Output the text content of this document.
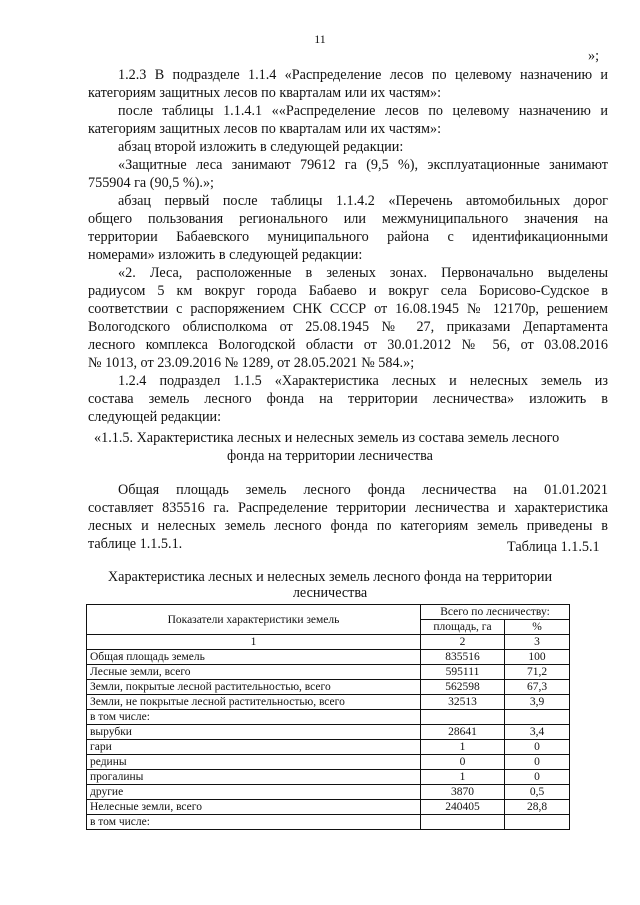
11
»;
1.2.3 В подразделе 1.1.4 «Распределение лесов по целевому назначению и
категориям защитных лесов по кварталам или их частям»:
после таблицы 1.1.4.1 ««Распределение лесов по целевому назначению и
категориям защитных лесов по кварталам или их частям»:
абзац второй изложить в следующей редакции:
«Защитные леса занимают 79612 га (9,5 %), эксплуатационные занимают
755904 га (90,5 %).»;
абзац первый после таблицы 1.1.4.2 «Перечень автомобильных дорог
общего пользования регионального или межмуниципального значения на
территории Бабаевского муниципального района с идентификационными
номерами» изложить в следующей редакции:
«2. Леса, расположенные в зеленых зонах. Первоначально выделены
радиусом 5 км вокруг города Бабаево и вокруг села Борисово-Судское в
соответствии с распоряжением СНК СССР от 16.08.1945 № 12170р, решением
Вологодского облисполкома от 25.08.1945 № 27, приказами Департамента
лесного комплекса Вологодской области от 30.01.2012 № 56, от 03.08.2016
№ 1013, от 23.09.2016 № 1289, от 28.05.2021 № 584.»;
1.2.4 подраздел 1.1.5 «Характеристика лесных и нелесных земель из
состава земель лесного фонда на территории лесничества» изложить в
следующей редакции:
«1.1.5. Характеристика лесных и нелесных земель из состава земель лесного
фонда на территории лесничества
Общая площадь земель лесного фонда лесничества на 01.01.2021
составляет 835516 га. Распределение территории лесничества и характеристика
лесных и нелесных земель лесного фонда по категориям земель приведены в
таблице 1.1.5.1.	Таблица 1.1.5.1
Характеристика лесных и нелесных земель лесного фонда на территории
лесничества
Показатели характеристики земель	Всего по лесничеству:	
	площадь, га	%
1	2	3
Общая площадь земель	835516	100
Лесные земли, всего	595111	71,2
Земли, покрытые лесной растительностью, всего	562598	67,3
Земли, не покрытые лесной растительностью, всего	32513	3,9
в том числе:		
вырубки	28641	3,4
гари	1	0
редины	0	0
прогалины	1	0
другие	3870	0,5
Нелесные земли, всего	240405	28,8
в том числе:		
